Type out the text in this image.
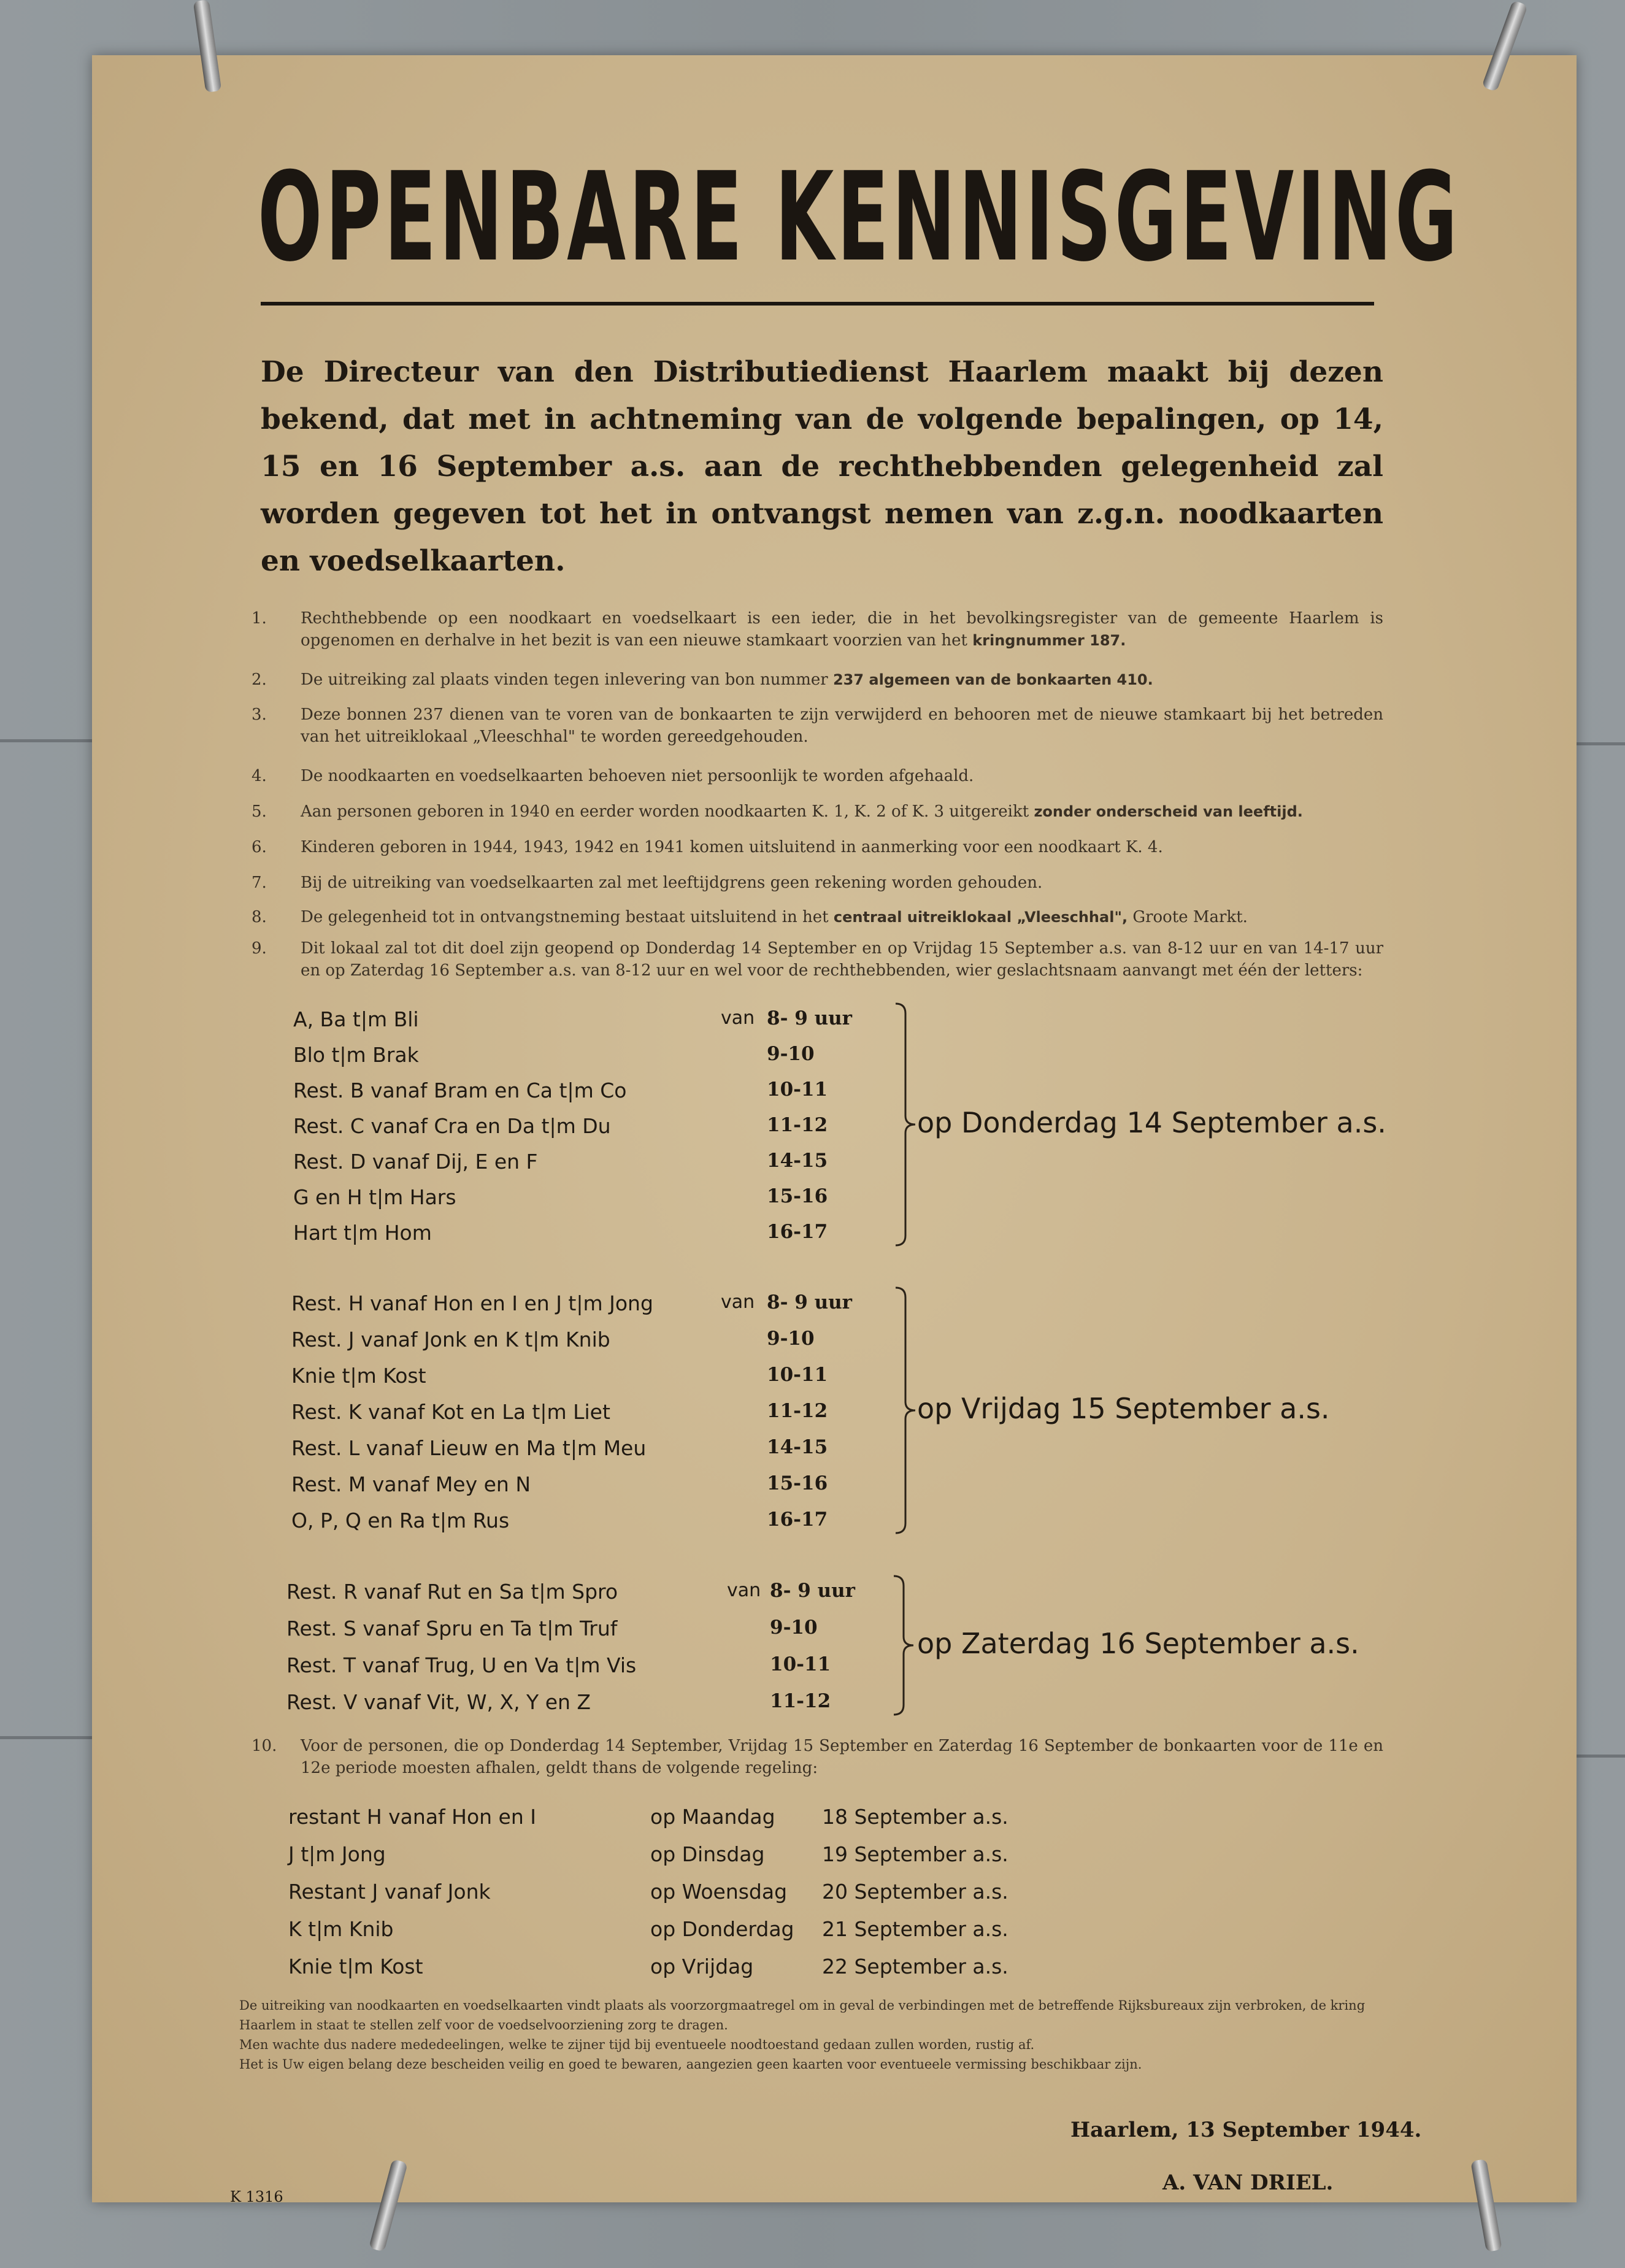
OPENBARE KENNISGEVING
De Directeur van den Distributiedienst Haarlem maakt bij dezen bekend, dat met in achtneming van de volgende bepalingen, op 14, 15 en 16 September a.s. aan de rechthebbenden gelegenheid zal worden gegeven tot het in ontvangst nemen van z.g.n. noodkaarten en voedselkaarten.
1. Rechthebbende op een noodkaart en voedselkaart is een ieder, die in het bevolkingsregister van de gemeente Haarlem is opgenomen en derhalve in het bezit is van een nieuwe stamkaart voorzien van het kringnummer 187.
2. De uitreiking zal plaats vinden tegen inlevering van bon nummer 237 algemeen van de bonkaarten 410.
3. Deze bonnen 237 dienen van te voren van de bonkaarten te zijn verwijderd en behooren met de nieuwe stamkaart bij het betreden van het uitreiklokaal „Vleeschhal" te worden gereedgehouden.
4. De noodkaarten en voedselkaarten behoeven niet persoonlijk te worden afgehaald.
5. Aan personen geboren in 1940 en eerder worden noodkaarten K. 1, K. 2 of K. 3 uitgereikt zonder onderscheid van leeftijd.
6. Kinderen geboren in 1944, 1943, 1942 en 1941 komen uitsluitend in aanmerking voor een noodkaart K. 4.
7. Bij de uitreiking van voedselkaarten zal met leeftijdgrens geen rekening worden gehouden.
8. De gelegenheid tot in ontvangstneming bestaat uitsluitend in het centraal uitreiklokaal „Vleeschhal", Groote Markt.
9. Dit lokaal zal tot dit doel zijn geopend op Donderdag 14 September en op Vrijdag 15 September a.s. van 8-12 uur en van 14-17 uur en op Zaterdag 16 September a.s. van 8-12 uur en wel voor de rechthebbenden, wier geslachtsnaam aanvangt met één der letters:
A, Ba t|m Bli	van 8- 9 uur
Blo t|m Brak	9-10
Rest. B vanaf Bram en Ca t|m Co	10-11
Rest. C vanaf Cra en Da t|m Du	11-12
Rest. D vanaf Dij, E en F	14-15
G en H t|m Hars	15-16
Hart t|m Hom	16-17
op Donderdag 14 September a.s.
Rest. H vanaf Hon en I en J t|m Jong	van 8- 9 uur
Rest. J vanaf Jonk en K t|m Knib	9-10
Knie t|m Kost	10-11
Rest. K vanaf Kot en La t|m Liet	11-12
Rest. L vanaf Lieuw en Ma t|m Meu	14-15
Rest. M vanaf Mey en N	15-16
O, P, Q en Ra t|m Rus	16-17
op Vrijdag 15 September a.s.
Rest. R vanaf Rut en Sa t|m Spro	van 8- 9 uur
Rest. S vanaf Spru en Ta t|m Truf	9-10
Rest. T vanaf Trug, U en Va t|m Vis	10-11
Rest. V vanaf Vit, W, X, Y en Z	11-12
op Zaterdag 16 September a.s.
10. Voor de personen, die op Donderdag 14 September, Vrijdag 15 September en Zaterdag 16 September de bonkaarten voor de 11e en 12e periode moesten afhalen, geldt thans de volgende regeling:
restant H vanaf Hon en I	op Maandag 18 September a.s.
J t|m Jong	op Dinsdag	19 September a.s.
Restant J vanaf Jonk	op Woensdag 20 September a.s.
K t|m Knib	op Donderdag 21 September a.s.
Knie t|m Kost	op Vrijdag	22 September a.s.
De uitreiking van noodkaarten en voedselkaarten vindt plaats als voorzorgmaatregel om in geval de verbindingen met de betreffende Rijksbureaux zijn verbroken, de kring Haarlem in staat te stellen zelf voor de voedselvoorziening zorg te dragen.
Men wachte dus nadere mededeelingen, welke te zijner tijd bij eventueele noodtoestand gedaan zullen worden, rustig af.
Het is Uw eigen belang deze bescheiden veilig en goed te bewaren, aangezien geen kaarten voor eventueele vermissing beschikbaar zijn.
Haarlem, 13 September 1944.
A. VAN DRIEL.
K 1316
